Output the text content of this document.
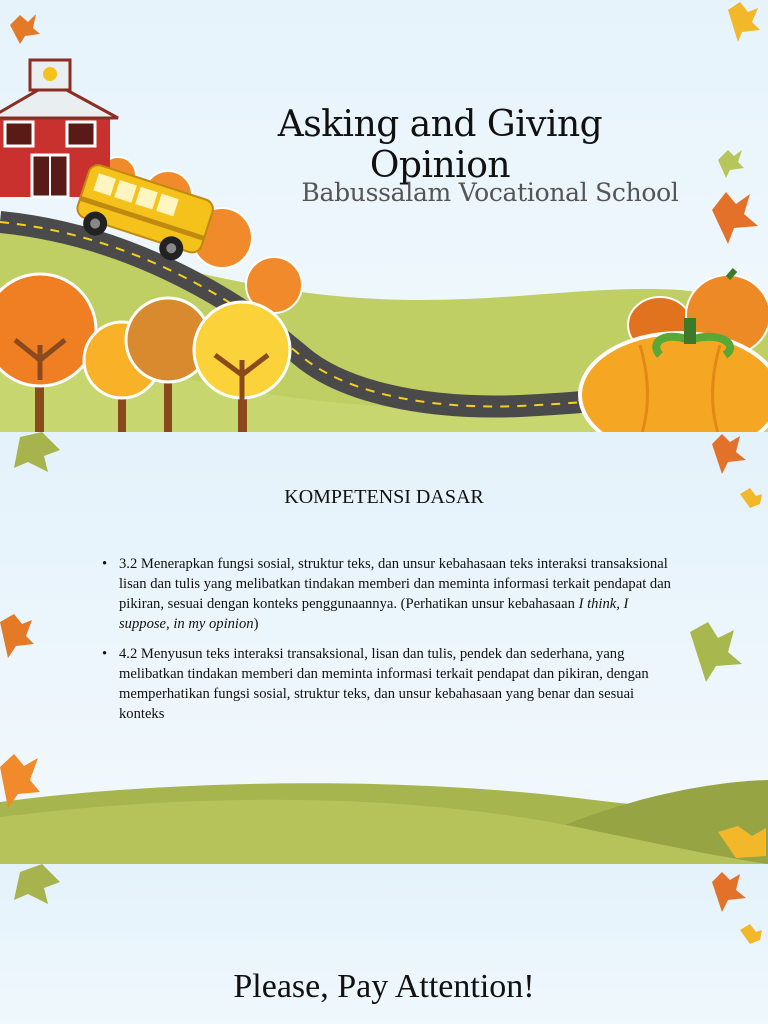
Asking and Giving Opinion
Babussalam Vocational School
KOMPETENSI DASAR
• 3.2 Menerapkan fungsi sosial, struktur teks, dan unsur kebahasaan teks interaksi transaksional lisan dan tulis yang melibatkan tindakan memberi dan meminta informasi terkait pendapat dan pikiran, sesuai dengan konteks penggunaannya. (Perhatikan unsur kebahasaan I think, I suppose, in my opinion)
• 4.2 Menyusun teks interaksi transaksional, lisan dan tulis, pendek dan sederhana, yang melibatkan tindakan memberi dan meminta informasi terkait pendapat dan pikiran, dengan memperhatikan fungsi sosial, struktur teks, dan unsur kebahasaan yang benar dan sesuai konteks
Please, Pay Attention!
